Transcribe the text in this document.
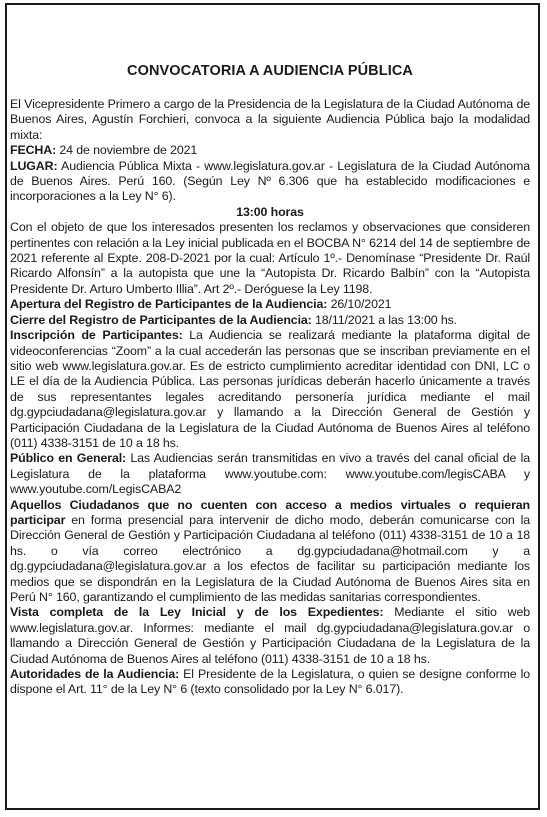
CONVOCATORIA A AUDIENCIA PÚBLICA

El Vicepresidente Primero a cargo de la Presidencia de la Legislatura de la Ciudad Autónoma de Buenos Aires, Agustín Forchieri, convoca a la siguiente Audiencia Pública bajo la modalidad mixta:

FECHA: 24 de noviembre de 2021

LUGAR: Audiencia Pública Mixta - www.legislatura.gov.ar - Legislatura de la Ciudad Autónoma de Buenos Aires. Perú 160. (Según Ley Nº 6.306 que ha establecido modificaciones e incorporaciones a la Ley N° 6).

13:00 horas

Con el objeto de que los interesados presenten los reclamos y observaciones que consideren pertinentes con relación a la Ley inicial publicada en el BOCBA N° 6214 del 14 de septiembre de 2021 referente al Expte. 208-D-2021 por la cual: Artículo 1º.- Denomínase “Presidente Dr. Raúl Ricardo Alfonsín” a la autopista que une la “Autopista Dr. Ricardo Balbín” con la “Autopista Presidente Dr. Arturo Umberto Illia”. Art 2º.- Deróguese la Ley 1198.

Apertura del Registro de Participantes de la Audiencia: 26/10/2021

Cierre del Registro de Participantes de la Audiencia: 18/11/2021 a las 13:00 hs.

Inscripción de Participantes: La Audiencia se realizará mediante la plataforma digital de videoconferencias “Zoom” a la cual accederán las personas que se inscriban previamente en el sitio web www.legislatura.gov.ar. Es de estricto cumplimiento acreditar identidad con DNI, LC o LE el día de la Audiencia Pública. Las personas jurídicas deberán hacerlo únicamente a través de sus representantes legales acreditando personería jurídica mediante el mail dg.gypciudadana@legislatura.gov.ar y llamando a la Dirección General de Gestión y Participación Ciudadana de la Legislatura de la Ciudad Autónoma de Buenos Aires al teléfono (011) 4338-3151 de 10 a 18 hs.

Público en General: Las Audiencias serán transmitidas en vivo a través del canal oficial de la Legislatura de la plataforma www.youtube.com: www.youtube.com/legisCABA y www.youtube.com/LegisCABA2

Aquellos Ciudadanos que no cuenten con acceso a medios virtuales o requieran participar en forma presencial para intervenir de dicho modo, deberán comunicarse con la Dirección General de Gestión y Participación Ciudadana al teléfono (011) 4338-3151 de 10 a 18 hs. o vía correo electrónico a dg.gypciudadana@hotmail.com y a dg.gypciudadana@legislatura.gov.ar a los efectos de facilitar su participación mediante los medios que se dispondrán en la Legislatura de la Ciudad Autónoma de Buenos Aires sita en Perú N° 160, garantizando el cumplimiento de las medidas sanitarias correspondientes.

Vista completa de la Ley Inicial y de los Expedientes: Mediante el sitio web www.legislatura.gov.ar. Informes: mediante el mail dg.gypciudadana@legislatura.gov.ar o llamando a Dirección General de Gestión y Participación Ciudadana de la Legislatura de la Ciudad Autónoma de Buenos Aires al teléfono (011) 4338-3151 de 10 a 18 hs.

Autoridades de la Audiencia: El Presidente de la Legislatura, o quien se designe conforme lo dispone el Art. 11° de la Ley N° 6 (texto consolidado por la Ley N° 6.017).
